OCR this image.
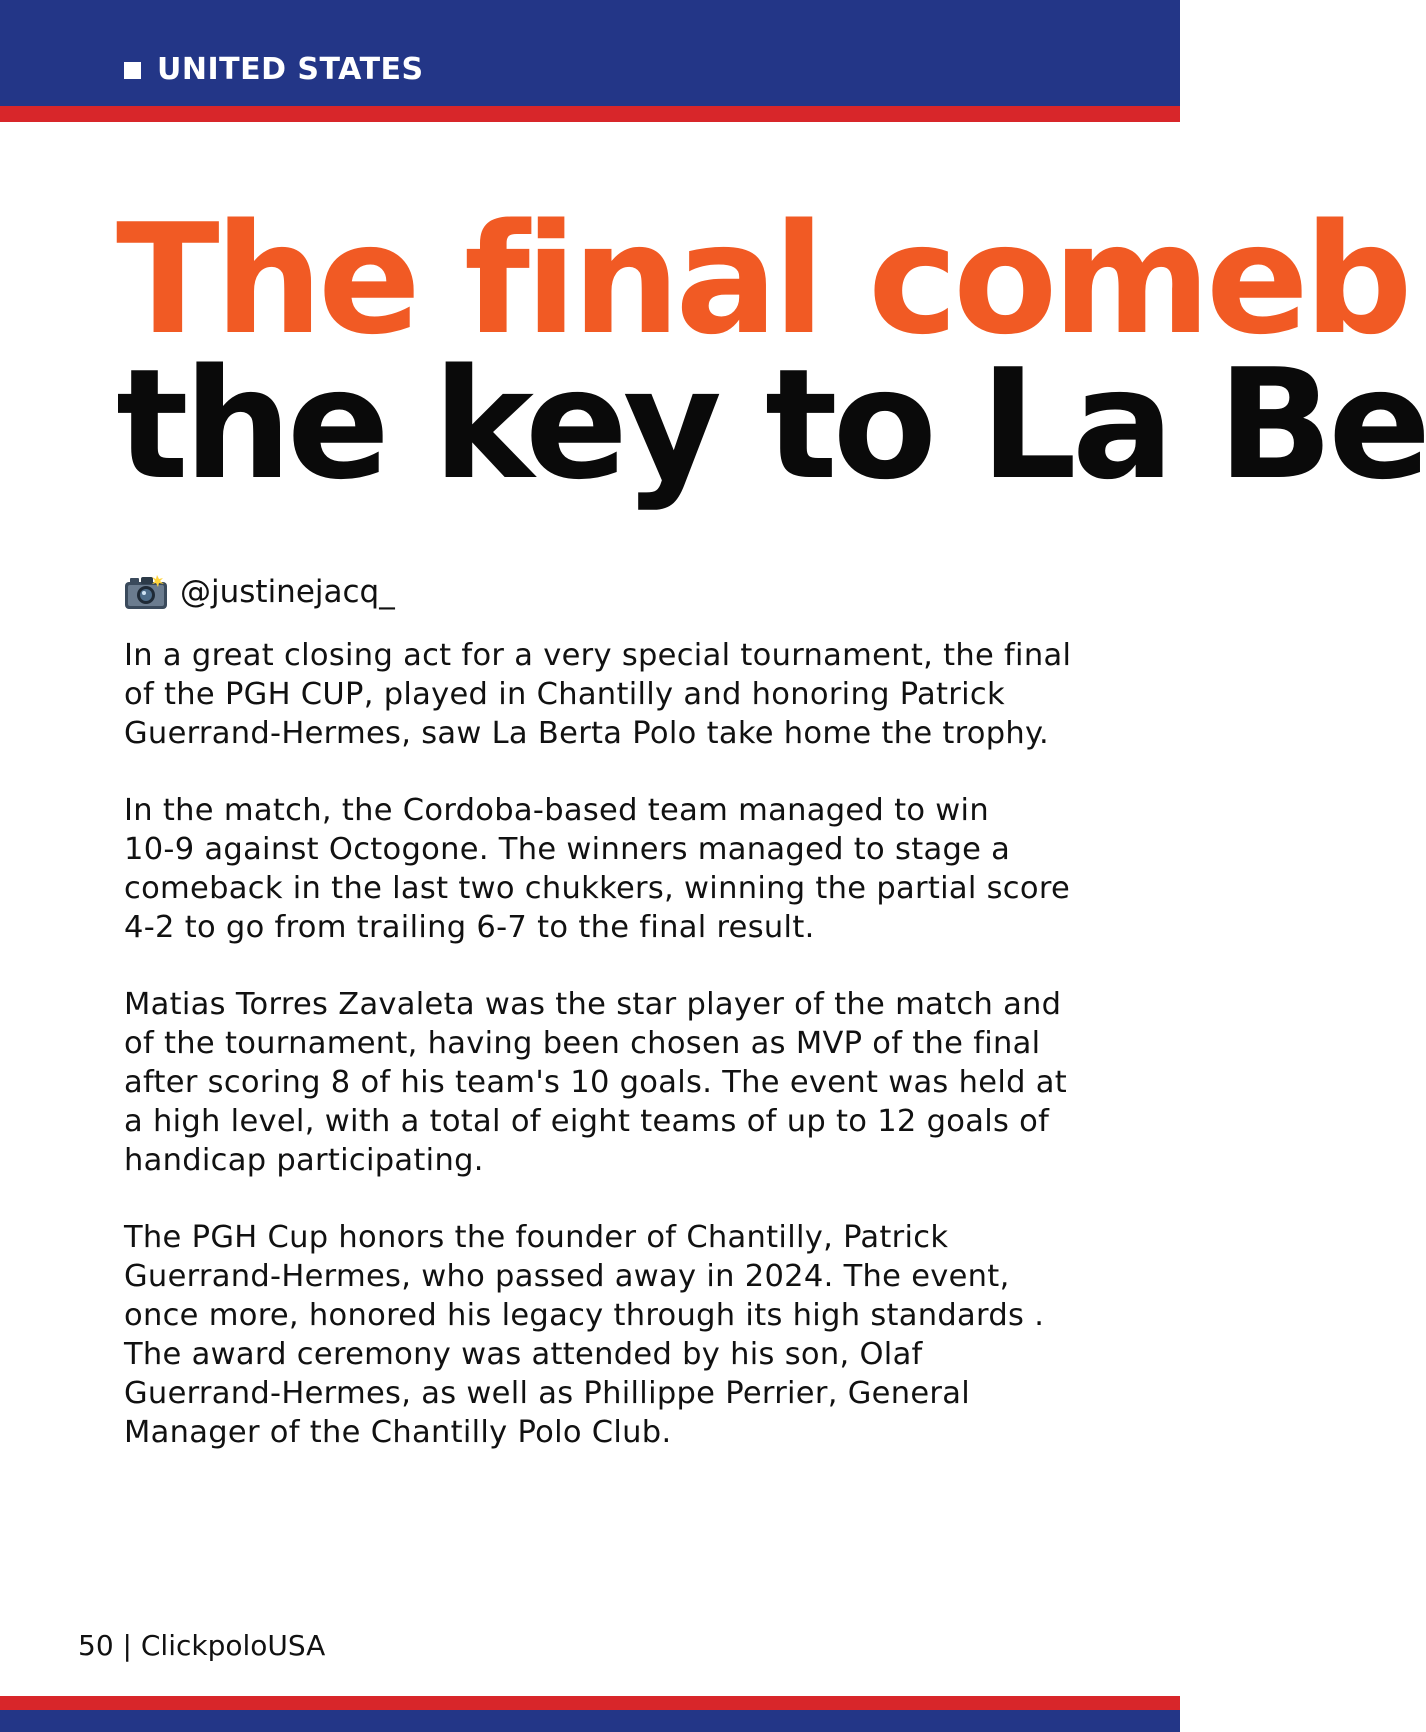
UNITED STATES
The final comeb
the key to La Be
@justinejacq_

In a great closing act for a very special tournament, the final
of the PGH CUP, played in Chantilly and honoring Patrick
Guerrand-Hermes, saw La Berta Polo take home the trophy.

In the match, the Cordoba-based team managed to win
10-9 against Octogone. The winners managed to stage a
comeback in the last two chukkers, winning the partial score
4-2 to go from trailing 6-7 to the final result.

Matias Torres Zavaleta was the star player of the match and
of the tournament, having been chosen as MVP of the final
after scoring 8 of his team's 10 goals. The event was held at
a high level, with a total of eight teams of up to 12 goals of
handicap participating.

The PGH Cup honors the founder of Chantilly, Patrick
Guerrand-Hermes, who passed away in 2024. The event,
once more, honored his legacy through its high standards .
The award ceremony was attended by his son, Olaf
Guerrand-Hermes, as well as Phillippe Perrier, General
Manager of the Chantilly Polo Club.

50 | ClickpoloUSA
